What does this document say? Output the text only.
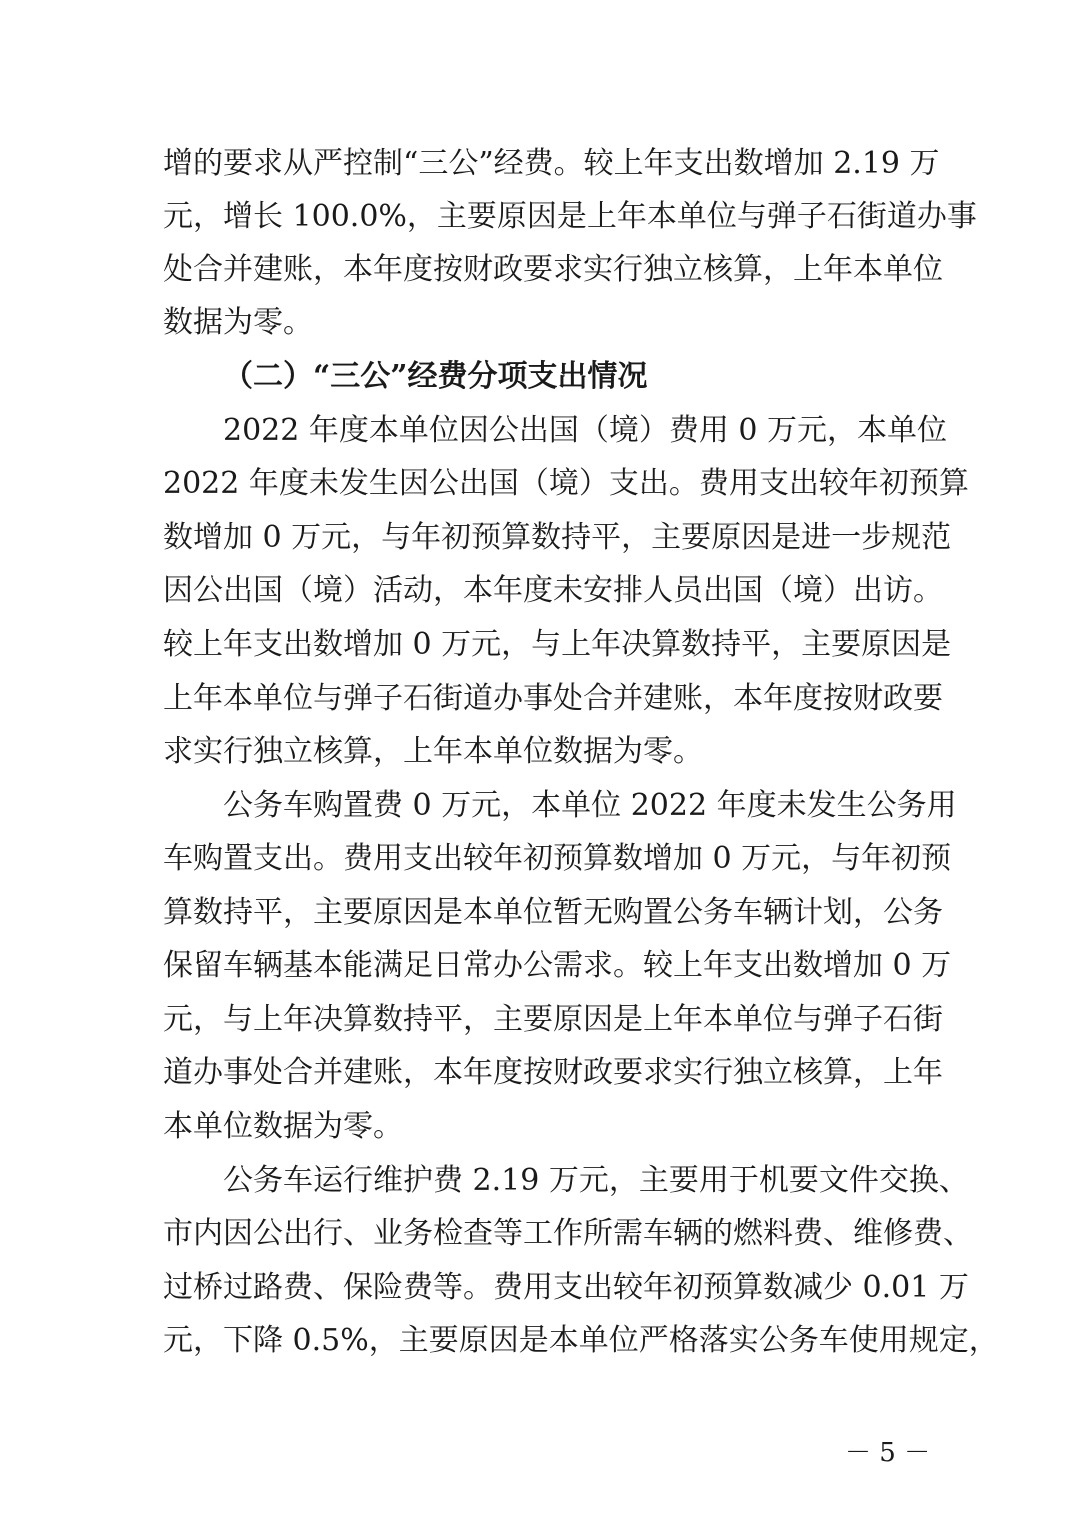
增的要求从严控制“三公”经费。较上年支出数增加 2.19 万
元，增长 100.0%，主要原因是上年本单位与弹子石街道办事
处合并建账，本年度按财政要求实行独立核算，上年本单位
数据为零。
（二）“三公”经费分项支出情况
2022 年度本单位因公出国（境）费用 0 万元，本单位
2022 年度未发生因公出国（境）支出。费用支出较年初预算
数增加 0 万元，与年初预算数持平，主要原因是进一步规范
因公出国（境）活动，本年度未安排人员出国（境）出访。
较上年支出数增加 0 万元，与上年决算数持平，主要原因是
上年本单位与弹子石街道办事处合并建账，本年度按财政要
求实行独立核算，上年本单位数据为零。
公务车购置费 0 万元，本单位 2022 年度未发生公务用
车购置支出。费用支出较年初预算数增加 0 万元，与年初预
算数持平，主要原因是本单位暂无购置公务车辆计划，公务
保留车辆基本能满足日常办公需求。较上年支出数增加 0 万
元，与上年决算数持平，主要原因是上年本单位与弹子石街
道办事处合并建账，本年度按财政要求实行独立核算，上年
本单位数据为零。
公务车运行维护费 2.19 万元，主要用于机要文件交换、
市内因公出行、业务检查等工作所需车辆的燃料费、维修费、
过桥过路费、保险费等。费用支出较年初预算数减少 0.01 万
元，下降 0.5%，主要原因是本单位严格落实公务车使用规定，
－ 5 －
